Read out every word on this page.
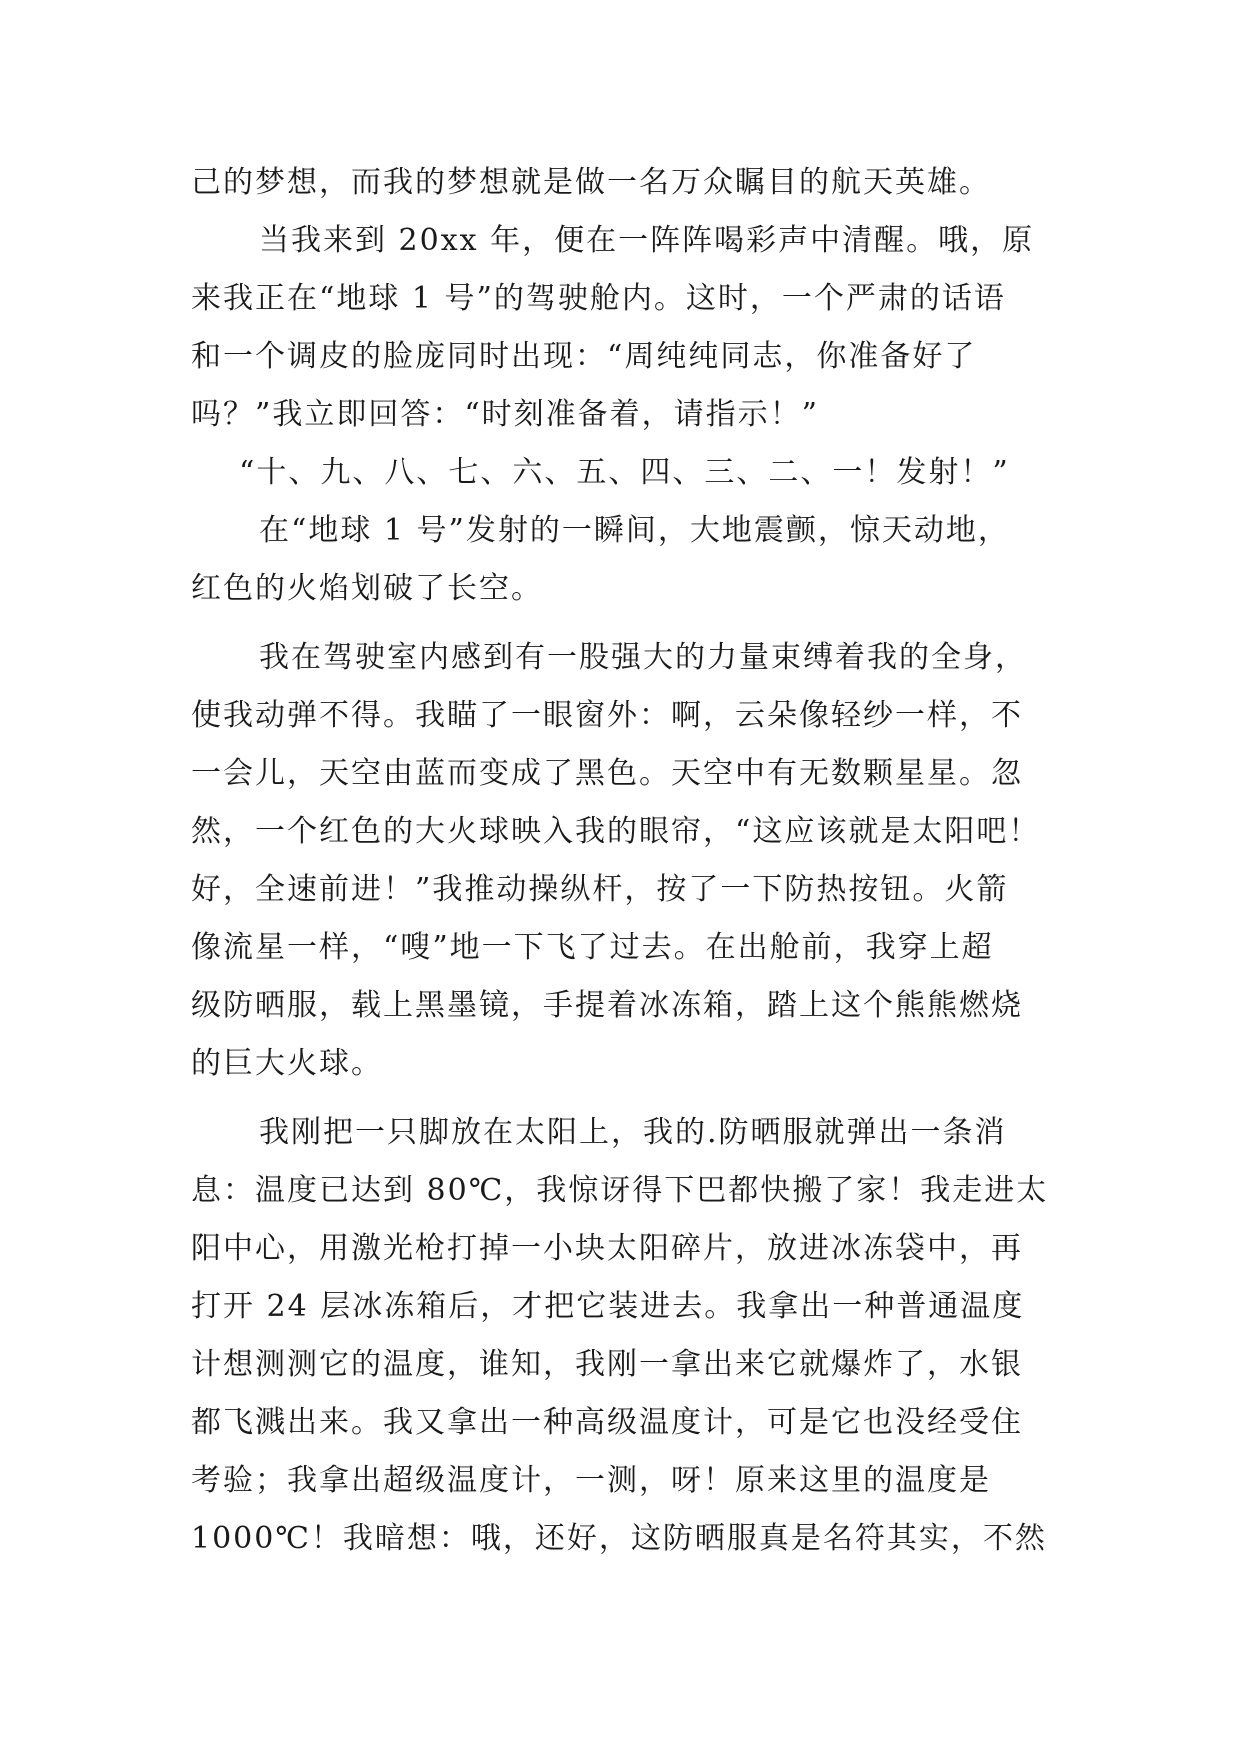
己的梦想，而我的梦想就是做一名万众瞩目的航天英雄。
当我来到 20xx 年，便在一阵阵喝彩声中清醒。哦，原
来我正在“地球 1 号”的驾驶舱内。这时，一个严肃的话语
和一个调皮的脸庞同时出现：“周纯纯同志，你准备好了
吗？”我立即回答：“时刻准备着，请指示！”
“十、九、八、七、六、五、四、三、二、一！发射！”
在“地球 1 号”发射的一瞬间，大地震颤，惊天动地，
红色的火焰划破了长空。
我在驾驶室内感到有一股强大的力量束缚着我的全身，
使我动弹不得。我瞄了一眼窗外：啊，云朵像轻纱一样，不
一会儿，天空由蓝而变成了黑色。天空中有无数颗星星。忽
然，一个红色的大火球映入我的眼帘，“这应该就是太阳吧！
好，全速前进！”我推动操纵杆，按了一下防热按钮。火箭
像流星一样，“嗖”地一下飞了过去。在出舱前，我穿上超
级防晒服，载上黑墨镜，手提着冰冻箱，踏上这个熊熊燃烧
的巨大火球。
我刚把一只脚放在太阳上，我的.防晒服就弹出一条消
息：温度已达到 80℃，我惊讶得下巴都快搬了家！我走进太
阳中心，用激光枪打掉一小块太阳碎片，放进冰冻袋中，再
打开 24 层冰冻箱后，才把它装进去。我拿出一种普通温度
计想测测它的温度，谁知，我刚一拿出来它就爆炸了，水银
都飞溅出来。我又拿出一种高级温度计，可是它也没经受住
考验；我拿出超级温度计，一测，呀！原来这里的温度是
1000℃！我暗想：哦，还好，这防晒服真是名符其实，不然
